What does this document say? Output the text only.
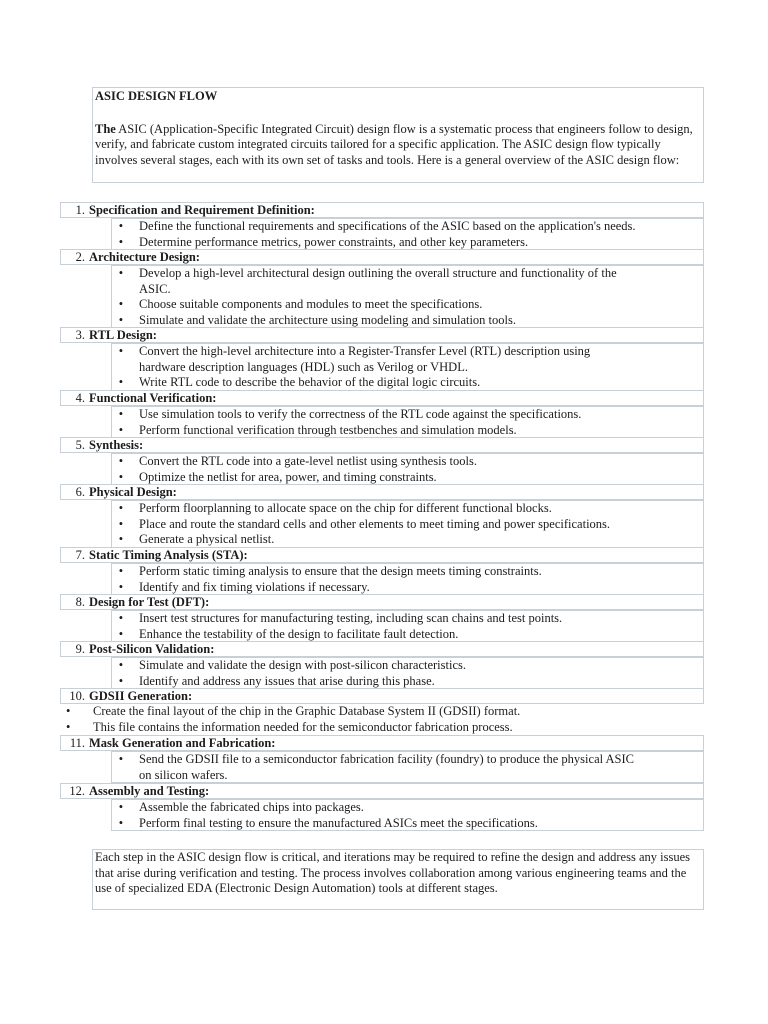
ASIC DESIGN FLOW

The ASIC (Application-Specific Integrated Circuit) design flow is a systematic process that engineers follow to design, verify, and fabricate custom integrated circuits tailored for a specific application. The ASIC design flow typically involves several stages, each with its own set of tasks and tools. Here is a general overview of the ASIC design flow:

1. Specification and Requirement Definition:
•	Define the functional requirements and specifications of the ASIC based on the application's needs.
•	Determine performance metrics, power constraints, and other key parameters.
2. Architecture Design:
•	Develop a high-level architectural design outlining the overall structure and functionality of the
ASIC.
•	Choose suitable components and modules to meet the specifications.
•	Simulate and validate the architecture using modeling and simulation tools.
3. RTL Design:
•	Convert the high-level architecture into a Register-Transfer Level (RTL) description using
hardware description languages (HDL) such as Verilog or VHDL.
•	Write RTL code to describe the behavior of the digital logic circuits.
4. Functional Verification:
•	Use simulation tools to verify the correctness of the RTL code against the specifications.
•	Perform functional verification through testbenches and simulation models.
5. Synthesis:
•	Convert the RTL code into a gate-level netlist using synthesis tools.
•	Optimize the netlist for area, power, and timing constraints.
6. Physical Design:
•	Perform floorplanning to allocate space on the chip for different functional blocks.
•	Place and route the standard cells and other elements to meet timing and power specifications.
•	Generate a physical netlist.
7. Static Timing Analysis (STA):
•	Perform static timing analysis to ensure that the design meets timing constraints.
•	Identify and fix timing violations if necessary.
8. Design for Test (DFT):
•	Insert test structures for manufacturing testing, including scan chains and test points.
•	Enhance the testability of the design to facilitate fault detection.
9. Post-Silicon Validation:
•	Simulate and validate the design with post-silicon characteristics.
•	Identify and address any issues that arise during this phase.
10. GDSII Generation:
• Create the final layout of the chip in the Graphic Database System II (GDSII) format.
• This file contains the information needed for the semiconductor fabrication process.
11. Mask Generation and Fabrication:
•	Send the GDSII file to a semiconductor fabrication facility (foundry) to produce the physical ASIC
on silicon wafers.
12. Assembly and Testing:
•	Assemble the fabricated chips into packages.
•	Perform final testing to ensure the manufactured ASICs meet the specifications.
Each step in the ASIC design flow is critical, and iterations may be required to refine the design and address any issues that arise during verification and testing. The process involves collaboration among various engineering teams and the use of specialized EDA (Electronic Design Automation) tools at different stages.
